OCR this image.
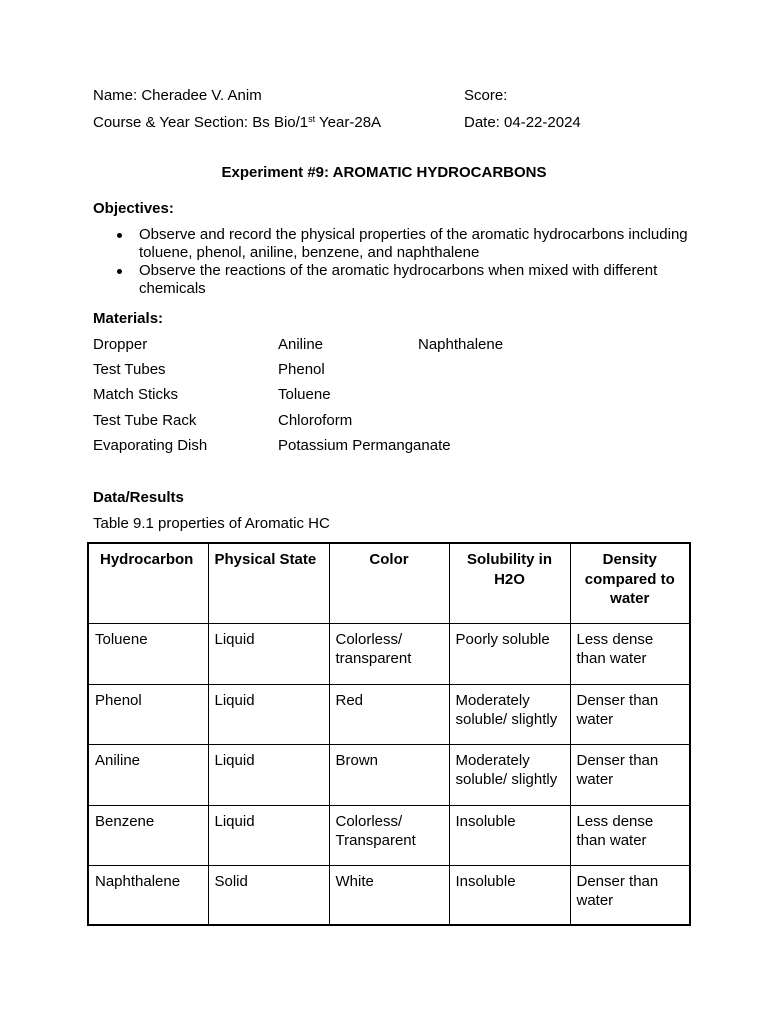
Name: Cheradee V. Anim	Score:
Course & Year Section: Bs Bio/1st Year-28A	Date: 04-22-2024
Experiment #9: AROMATIC HYDROCARBONS
Objectives:
Observe and record the physical properties of the aromatic hydrocarbons including toluene, phenol, aniline, benzene, and naphthalene
Observe the reactions of the aromatic hydrocarbons when mixed with different chemicals
Materials:
Dropper
Test Tubes
Match Sticks
Test Tube Rack
Evaporating Dish
Aniline
Phenol
Toluene
Chloroform
Potassium Permanganate
Naphthalene
Data/Results
Table 9.1 properties of Aromatic HC
Hydrocarbon	Physical State	Color	Solubility in H2O	Density compared to water
Toluene	Liquid	Colorless/ transparent	Poorly soluble	Less dense than water
Phenol	Liquid	Red	Moderately soluble/ slightly	Denser than water
Aniline	Liquid	Brown	Moderately soluble/ slightly	Denser than water
Benzene	Liquid	Colorless/ Transparent	Insoluble	Less dense than water
Naphthalene	Solid	White	Insoluble	Denser than water
